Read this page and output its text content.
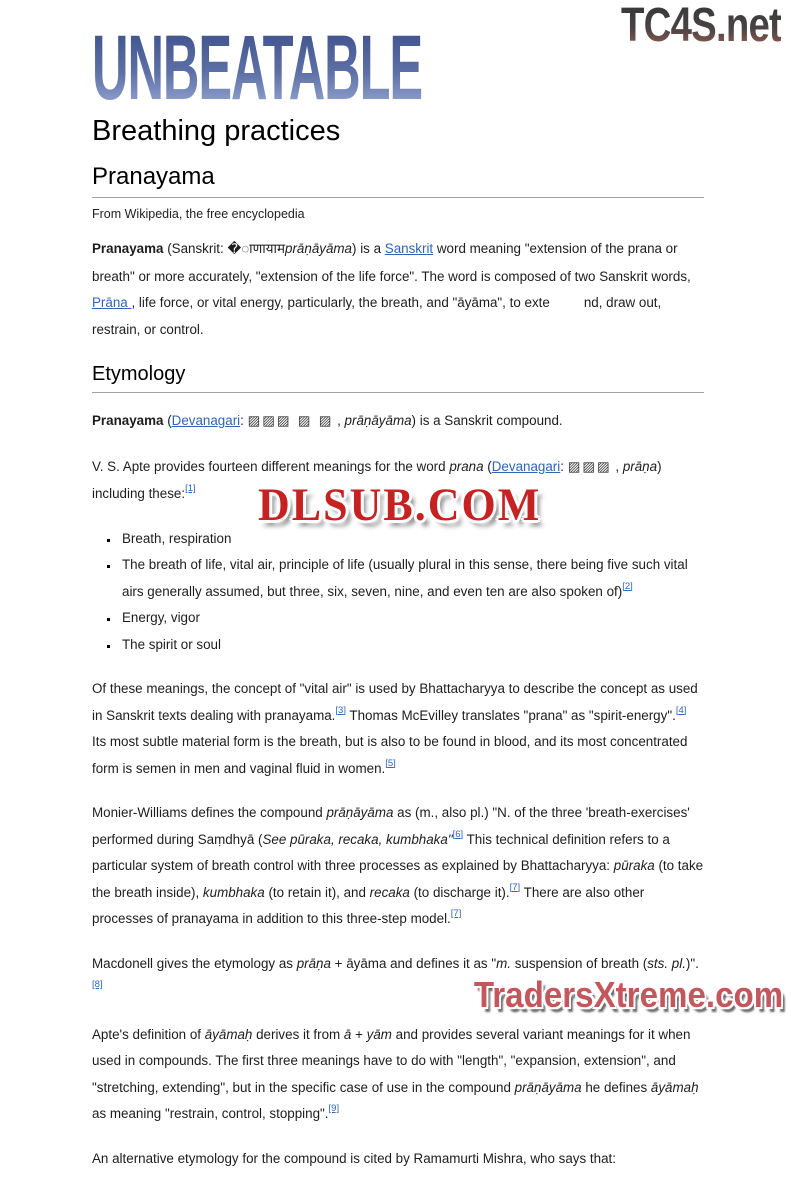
TC4S.net
UNBEATABLE MIND
Breathing practices
Pranayama
From Wikipedia, the free encyclopedia

Pranayama (Sanskrit: �ाणायामprāṇāyāma) is a Sanskrit word meaning "extension of the prana or breath" or more accurately, "extension of the life force". The word is composed of two Sanskrit words, Prāna , life force, or vital energy, particularly, the breath, and "āyāma", to exte	nd, draw out, restrain, or control.

Etymology

Pranayama (Devanagari: ▨▨▨ ▨ ▨ , prāṇāyāma) is a Sanskrit compound.

V. S. Apte provides fourteen different meanings for the word prana (Devanagari: ▨▨▨ , prāṇa) including these:[1]

▪ Breath, respiration
▪ The breath of life, vital air, principle of life (usually plural in this sense, there being five such vital airs generally assumed, but three, six, seven, nine, and even ten are also spoken of)[2]
▪ Energy, vigor
▪ The spirit or soul

Of these meanings, the concept of "vital air" is used by Bhattacharyya to describe the concept as used in Sanskrit texts dealing with pranayama.[3] Thomas McEvilley translates "prana" as "spirit-energy".[4] Its most subtle material form is the breath, but is also to be found in blood, and its most concentrated form is semen in men and vaginal fluid in women.[5]

Monier-Williams defines the compound prāṇāyāma as (m., also pl.) "N. of the three 'breath-exercises' performed during Saṃdhyā (See pūraka, recaka, kumbhaka"[6] This technical definition refers to a particular system of breath control with three processes as explained by Bhattacharyya: pūraka (to take the breath inside), kumbhaka (to retain it), and recaka (to discharge it).[7] There are also other processes of pranayama in addition to this three-step model.[7]

Macdonell gives the etymology as prāṇa + āyāma and defines it as "m. suspension of breath (sts. pl.)".[8]

Apte's definition of āyāmaḥ derives it from ā + yām and provides several variant meanings for it when used in compounds. The first three meanings have to do with "length", "expansion, extension", and "stretching, extending", but in the specific case of use in the compound prāṇāyāma he defines āyāmaḥ as meaning "restrain, control, stopping".[9]

An alternative etymology for the compound is cited by Ramamurti Mishra, who says that:

DLSUB.COM
TradersXtreme.com
